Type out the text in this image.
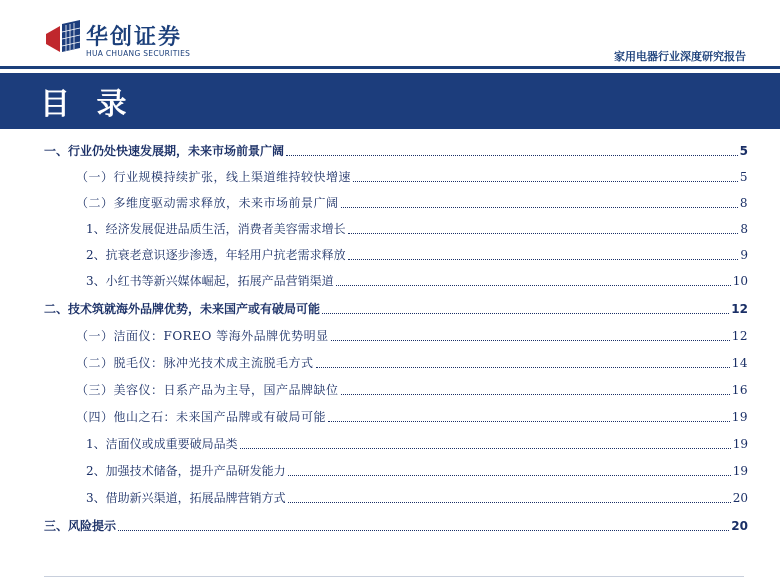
华创证券
HUA CHUANG SECURITIES	家用电器行业深度研究报告
目 录
一、行业仍处快速发展期，未来市场前景广阔	5
（一）行业规模持续扩张，线上渠道维持较快增速	5
（二）多维度驱动需求释放，未来市场前景广阔	8
1、经济发展促进品质生活，消费者美容需求增长	8
2、抗衰老意识逐步渗透，年轻用户抗老需求释放	9
3、小红书等新兴媒体崛起，拓展产品营销渠道	10
二、技术筑就海外品牌优势，未来国产或有破局可能	12
（一）洁面仪：FOREO 等海外品牌优势明显	12
（二）脱毛仪：脉冲光技术成主流脱毛方式	14
（三）美容仪：日系产品为主导，国产品牌缺位	16
（四）他山之石：未来国产品牌或有破局可能	19
1、洁面仪或成重要破局品类	19
2、加强技术储备，提升产品研发能力	19
3、借助新兴渠道，拓展品牌营销方式	20
三、风险提示	20
